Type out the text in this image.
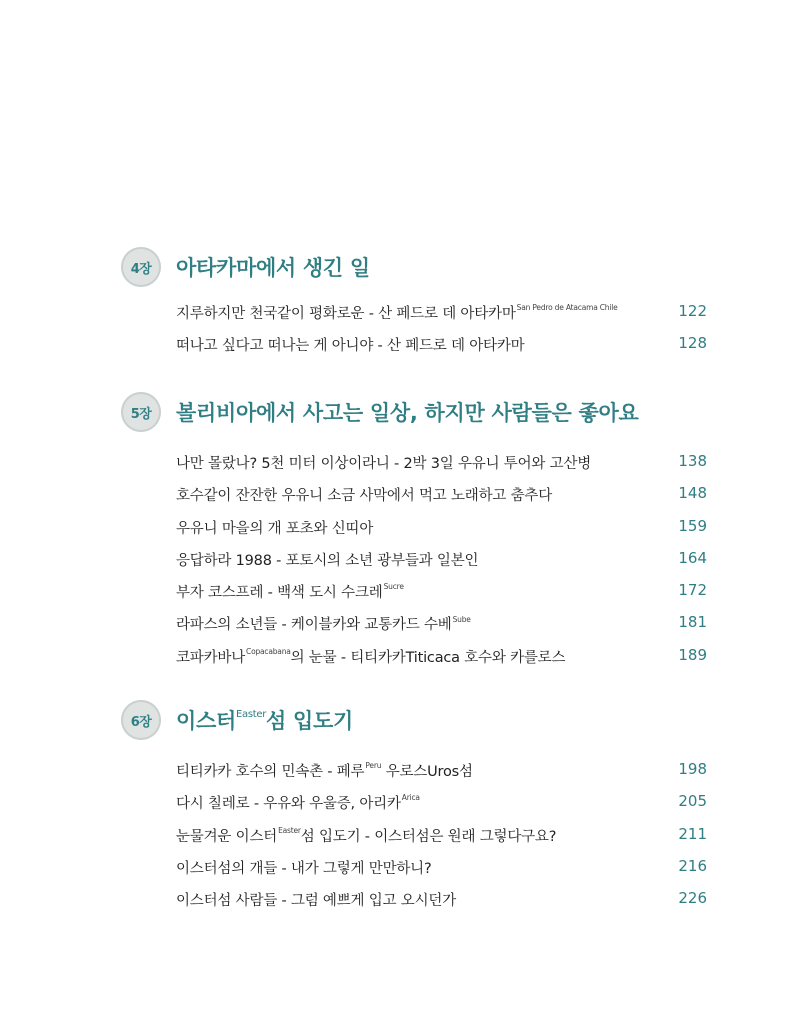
4장	아타카마에서 생긴 일
지루하지만 천국같이 평화로운 - 산 페드로 데 아타카마$^{San Pedro de Atacama Chile}$	122
떠나고 싶다고 떠나는 게 아니야 - 산 페드로 데 아타카마	128
5장	볼리비아에서 사고는 일상, 하지만 사람들은 좋아요
나만 몰랐나? 5천 미터 이상이라니 - 2박 3일 우유니 투어와 고산병	138
호수같이 잔잔한 우유니 소금 사막에서 먹고 노래하고 춤추다	148
우유니 마을의 개 포초와 신띠아	159
응답하라 1988 - 포토시의 소년 광부들과 일본인	164
부자 코스프레 - 백색 도시 수크레$^{Sucre}$	172
라파스의 소년들 - 케이블카와 교통카드 수베$^{Sube}$	181
코파카바나$^{Copacabana}$의 눈물 - 티티카카Titicaca 호수와 카를로스	189
6장	이스터$^{Easter}$섬 입도기
티티카카 호수의 민속촌 - 페루$^{Peru}$ 우로스Uros섬	198
다시 칠레로 - 우유와 우울증, 아리카$^{Arica}$	205
눈물겨운 이스터$^{Easter}$섬 입도기 - 이스터섬은 원래 그렇다구요?	211
이스터섬의 개들 - 내가 그렇게 만만하니?	216
이스터섬 사람들 - 그럼 예쁘게 입고 오시던가	226
